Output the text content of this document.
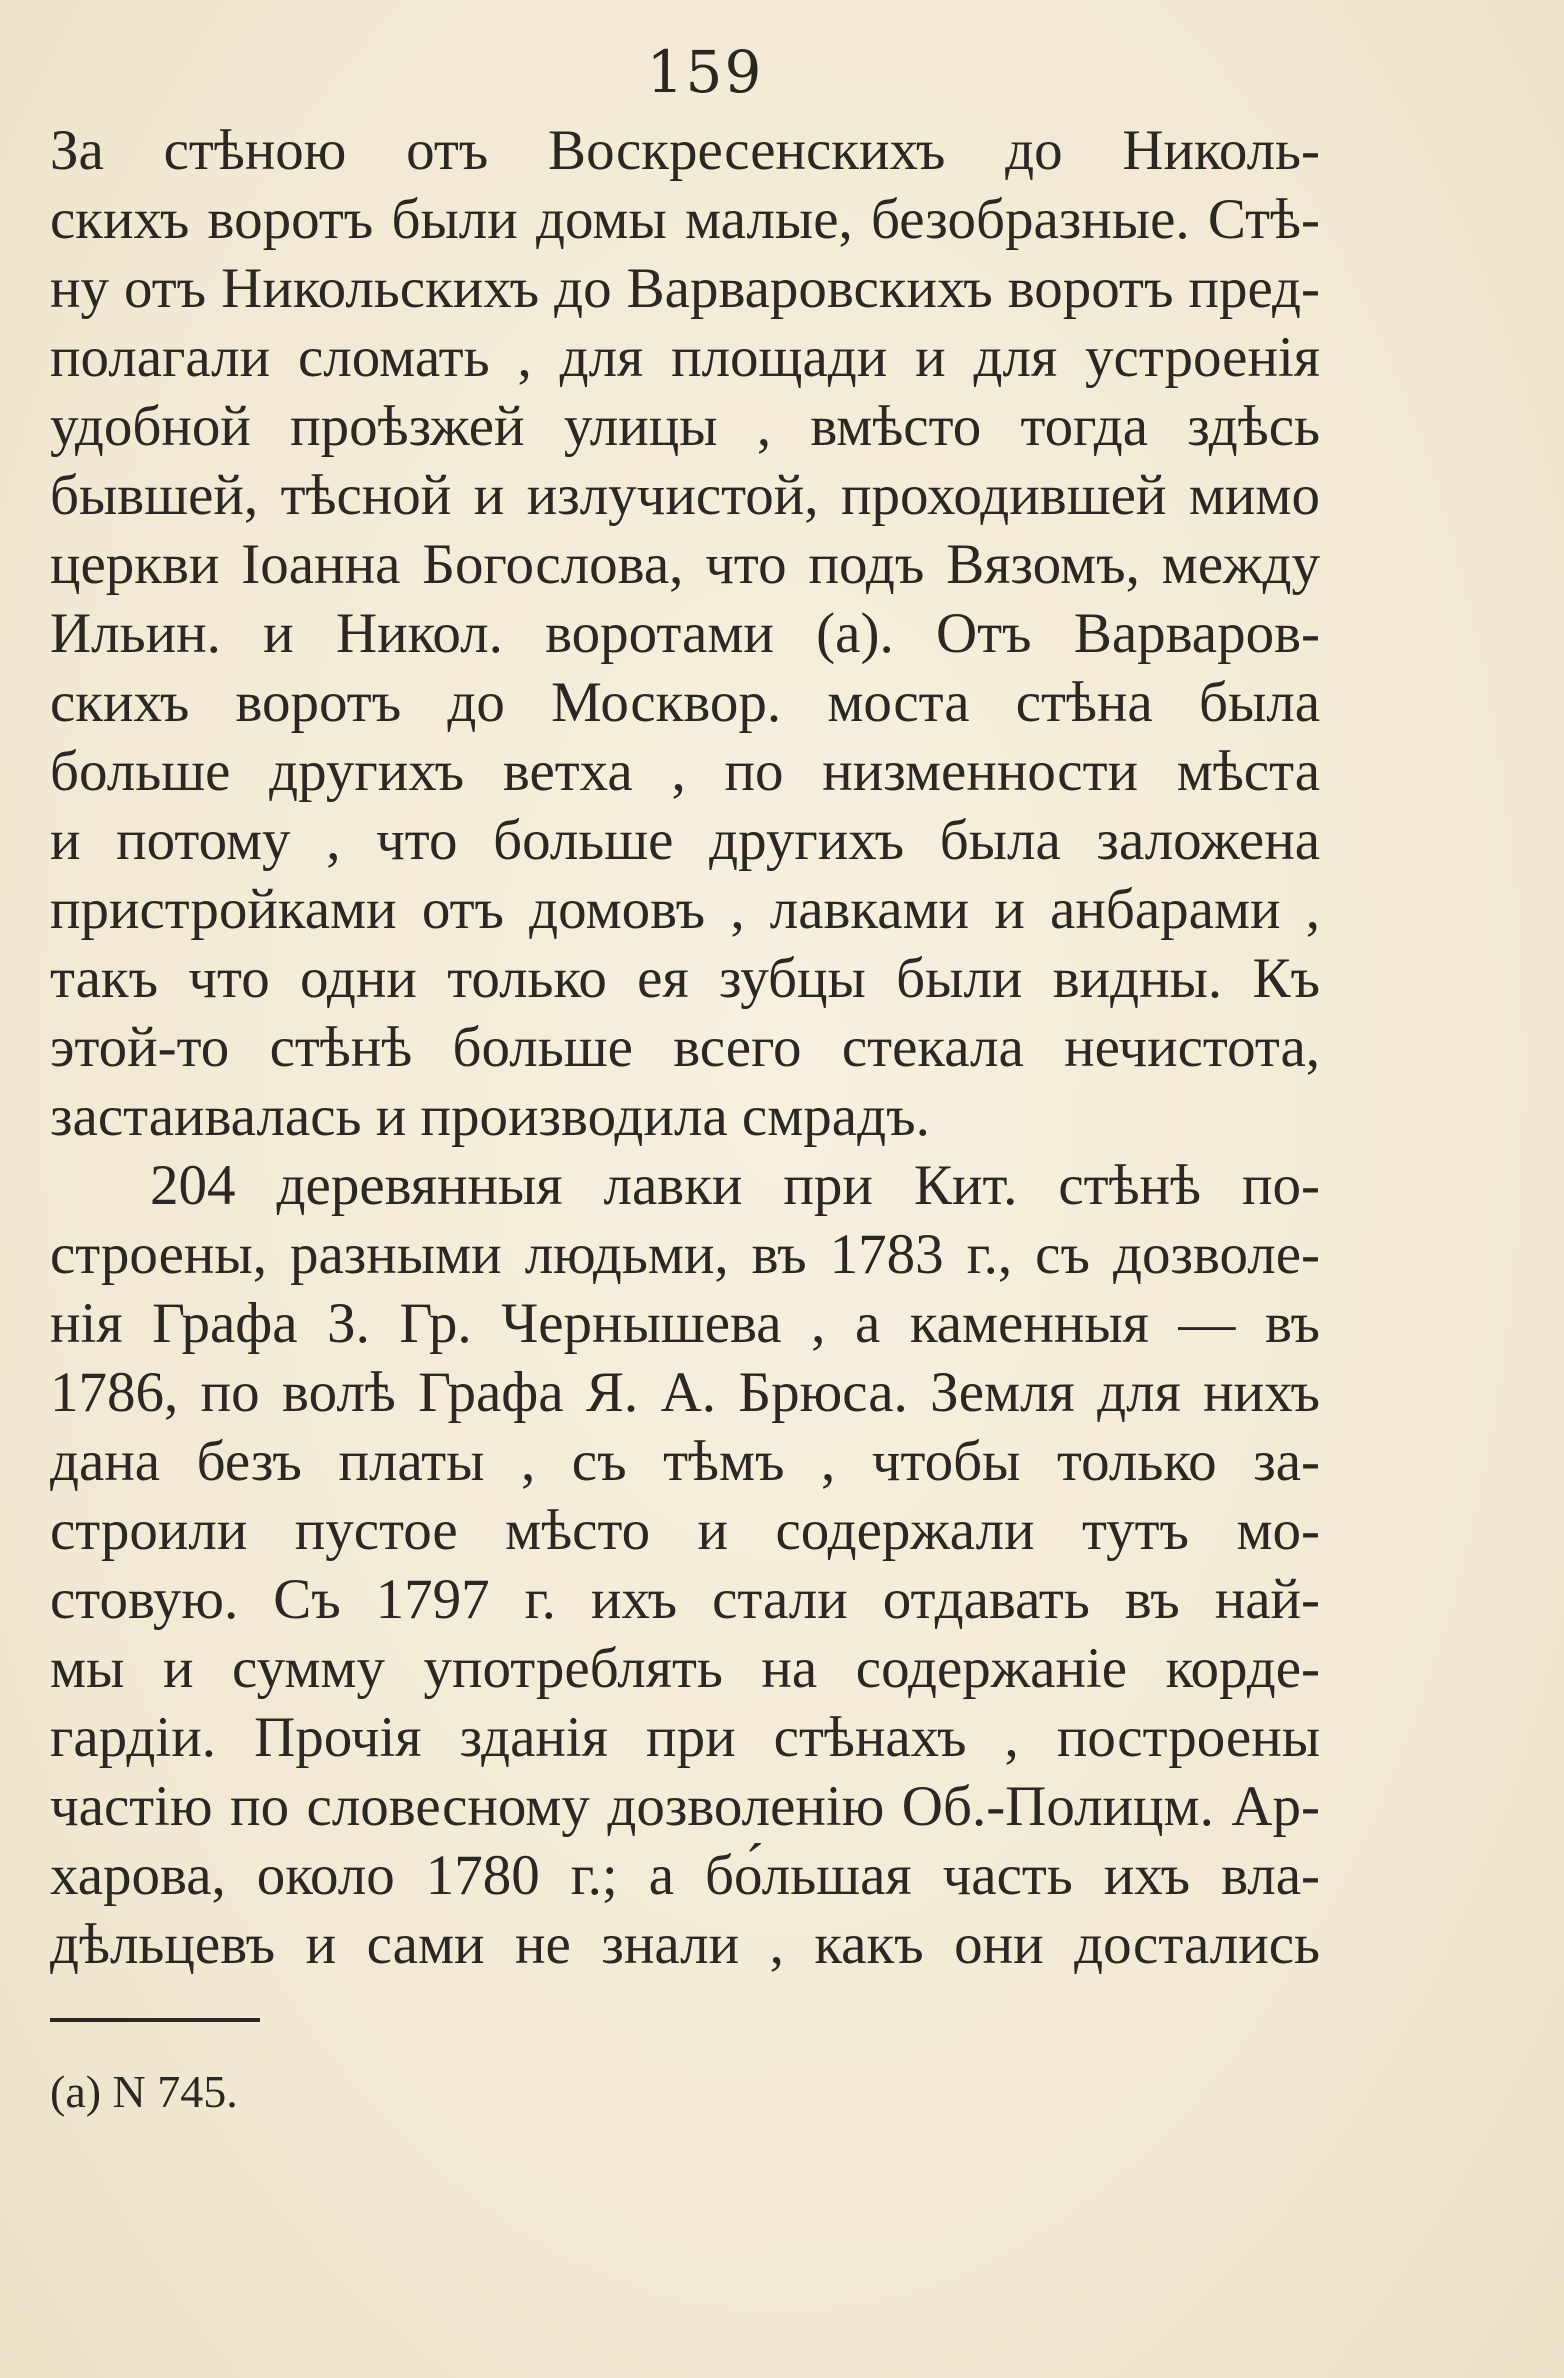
159
За стѣною отъ Воскресенскихъ до Николь-
скихъ воротъ были домы малые, безобразные. Стѣ-
ну отъ Никольскихъ до Варваровскихъ воротъ пред-
полагали сломать , для площади и для устроенія
удобной проѣзжей улицы , вмѣсто тогда здѣсь
бывшей, тѣсной и излучистой, проходившей мимо
церкви Іоанна Богослова, что подъ Вязомъ, между
Ильин. и Никол. воротами (а). Отъ Варваров-
скихъ воротъ до Москвор. моста стѣна была
больше другихъ ветха , по низменности мѣста
и потому , что больше другихъ была заложена
пристройками отъ домовъ , лавками и анбарами ,
такъ что одни только ея зубцы были видны. Къ
этой-то стѣнѣ больше всего стекала нечистота,
застаивалась и производила смрадъ.
204 деревянныя лавки при Кит. стѣнѣ по-
строены, разными людьми, въ 1783 г., съ дозволе-
нія Графа З. Гр. Чернышева , а каменныя — въ
1786, по волѣ Графа Я. А. Брюса. Земля для нихъ
дана безъ платы , съ тѣмъ , чтобы только за-
строили пустое мѣсто и содержали тутъ мо-
стовую. Съ 1797 г. ихъ стали отдавать въ най-
мы и сумму употреблять на содержаніе корде-
гардіи. Прочія зданія при стѣнахъ , построены
частію по словесному дозволенію Об.-Полицм. Ар-
харова, около 1780 г.; а бо́льшая часть ихъ вла-
дѣльцевъ и сами не знали , какъ они достались
(а) N 745.
